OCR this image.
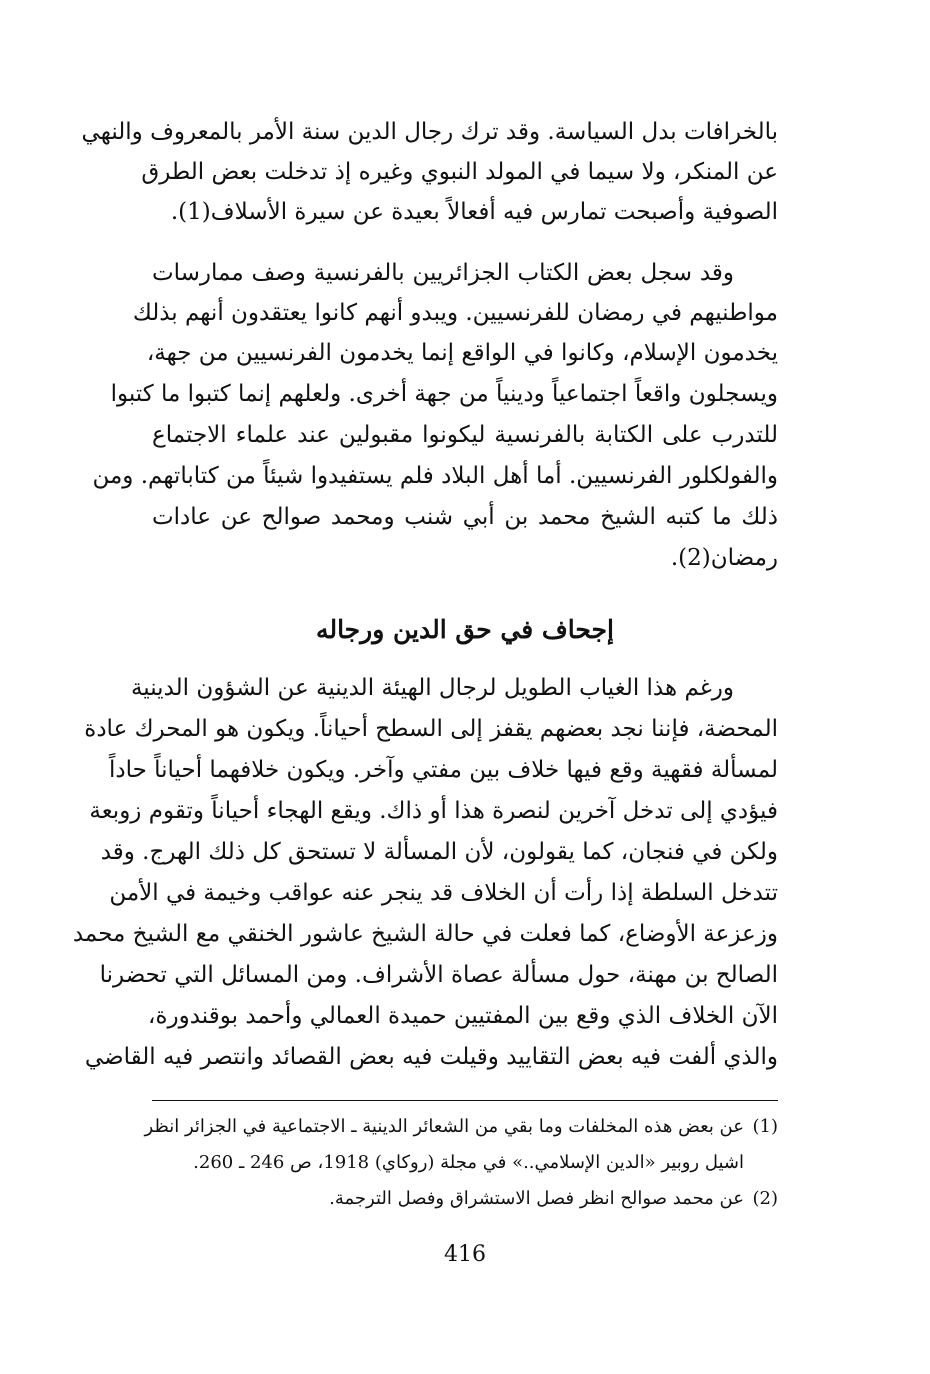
بالخرافات بدل السياسة. وقد ترك رجال الدين سنة الأمر بالمعروف والنهي
عن المنكر، ولا سيما في المولد النبوي وغيره إذ تدخلت بعض الطرق
الصوفية وأصبحت تمارس فيه أفعالاً بعيدة عن سيرة الأسلاف(1).
وقد سجل بعض الكتاب الجزائريين بالفرنسية وصف ممارسات
مواطنيهم في رمضان للفرنسيين. ويبدو أنهم كانوا يعتقدون أنهم بذلك
يخدمون الإسلام، وكانوا في الواقع إنما يخدمون الفرنسيين من جهة،
ويسجلون واقعاً اجتماعياً ودينياً من جهة أخرى. ولعلهم إنما كتبوا ما كتبوا
للتدرب على الكتابة بالفرنسية ليكونوا مقبولين عند علماء الاجتماع
والفولكلور الفرنسيين. أما أهل البلاد فلم يستفيدوا شيئاً من كتاباتهم. ومن
ذلك ما كتبه الشيخ محمد بن أبي شنب ومحمد صوالح عن عادات
رمضان(2).
إجحاف في حق الدين ورجاله
ورغم هذا الغياب الطويل لرجال الهيئة الدينية عن الشؤون الدينية
المحضة، فإننا نجد بعضهم يقفز إلى السطح أحياناً. ويكون هو المحرك عادة
لمسألة فقهية وقع فيها خلاف بين مفتي وآخر. ويكون خلافهما أحياناً حاداً
فيؤدي إلى تدخل آخرين لنصرة هذا أو ذاك. ويقع الهجاء أحياناً وتقوم زوبعة
ولكن في فنجان، كما يقولون، لأن المسألة لا تستحق كل ذلك الهرج. وقد
تتدخل السلطة إذا رأت أن الخلاف قد ينجر عنه عواقب وخيمة في الأمن
وزعزعة الأوضاع، كما فعلت في حالة الشيخ عاشور الخنقي مع الشيخ محمد
الصالح بن مهنة، حول مسألة عصاة الأشراف. ومن المسائل التي تحضرنا
الآن الخلاف الذي وقع بين المفتيين حميدة العمالي وأحمد بوقندورة،
والذي ألفت فيه بعض التقاييد وقيلت فيه بعض القصائد وانتصر فيه القاضي
(1)عن بعض هذه المخلفات وما بقي من الشعائر الدينية ـ الاجتماعية في الجزائر انظر
اشيل روبير «الدين الإسلامي..» في مجلة (روكاي) 1918، ص 246 ـ 260.
(2)عن محمد صوالح انظر فصل الاستشراق وفصل الترجمة.
416
